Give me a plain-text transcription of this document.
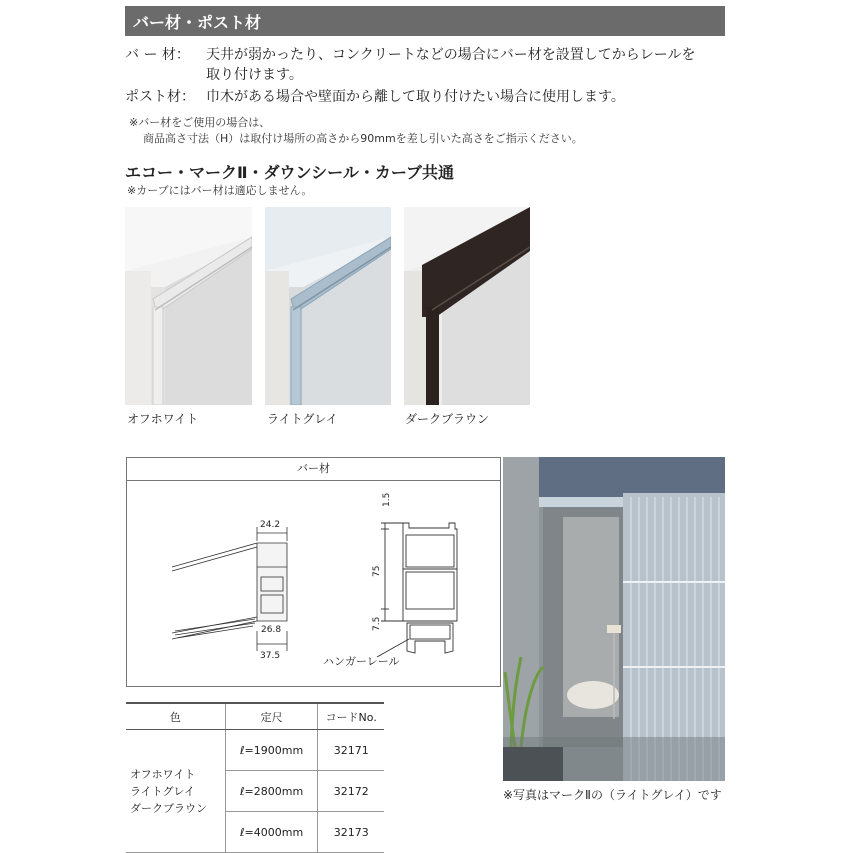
バー材・ポスト材
バ ー 材： 天井が弱かったり、コンクリートなどの場合にバー材を設置してからレールを
取り付けます。
ポスト材： 巾木がある場合や壁面から離して取り付けたい場合に使用します。
※バー材をご使用の場合は、
商品高さ寸法（H）は取付け場所の高さから90mmを差し引いた高さをご指示ください。
エコー・マークⅡ・ダウンシール・カーブ共通
※カーブにはバー材は適応しません。
オフホワイト	ライトグレイ	ダークブラウン
バー材
24.2
26.8
37.5
1.5
75
7.5
ハンガーレール
色	定尺	コードNo.

オフホワイト
ライトグレイ
ダークブラウン	ℓ=1900mm	32171
	ℓ=2800mm	32172
	ℓ=4000mm	32173
※写真はマークⅡの（ライトグレイ）です
